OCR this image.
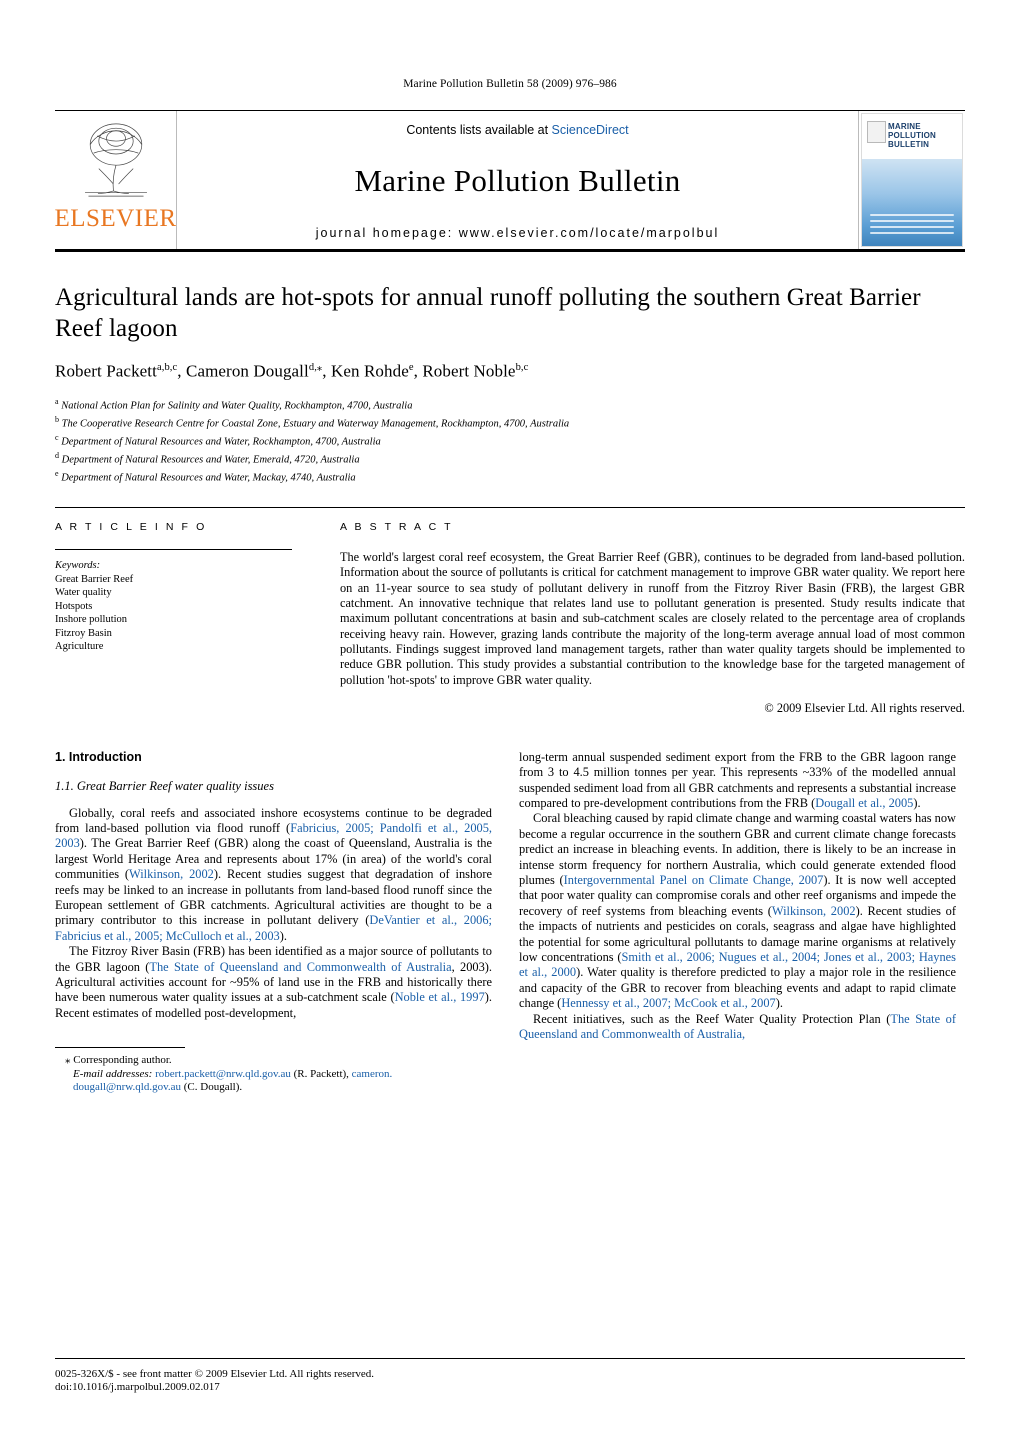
Marine Pollution Bulletin 58 (2009) 976–986
ELSEVIER
Contents lists available at ScienceDirect
Marine Pollution Bulletin
journal homepage: www.elsevier.com/locate/marpolbul
MARINE
POLLUTION
BULLETIN
Agricultural lands are hot-spots for annual runoff polluting the southern Great Barrier Reef lagoon
Robert Packett$^{a,b,c}$, Cameron Dougall$^{d,⁎}$, Ken Rohde$^e$, Robert Noble$^{b,c}$
$^a$ National Action Plan for Salinity and Water Quality, Rockhampton, 4700, Australia
$^b$ The Cooperative Research Centre for Coastal Zone, Estuary and Waterway Management, Rockhampton, 4700, Australia
$^c$ Department of Natural Resources and Water, Rockhampton, 4700, Australia
$^d$ Department of Natural Resources and Water, Emerald, 4720, Australia
$^e$ Department of Natural Resources and Water, Mackay, 4740, Australia
A R T I C L E I N F O
Keywords:
Great Barrier Reef
Water quality
Hotspots
Inshore pollution
Fitzroy Basin
Agriculture
A B S T R A C T
The world's largest coral reef ecosystem, the Great Barrier Reef (GBR), continues to be degraded from land-based pollution. Information about the source of pollutants is critical for catchment management to improve GBR water quality. We report here on an 11-year source to sea study of pollutant delivery in runoff from the Fitzroy River Basin (FRB), the largest GBR catchment. An innovative technique that relates land use to pollutant generation is presented. Study results indicate that maximum pollutant concentrations at basin and sub-catchment scales are closely related to the percentage area of croplands receiving heavy rain. However, grazing lands contribute the majority of the long-term average annual load of most common pollutants. Findings suggest improved land management targets, rather than water quality targets should be implemented to reduce GBR pollution. This study provides a substantial contribution to the knowledge base for the targeted management of pollution 'hot-spots' to improve GBR water quality.
© 2009 Elsevier Ltd. All rights reserved.
1. Introduction
1.1. Great Barrier Reef water quality issues

Globally, coral reefs and associated inshore ecosystems continue to be degraded from land-based pollution via flood runoff (Fabricius, 2005; Pandolfi et al., 2005, 2003). The Great Barrier Reef (GBR) along the coast of Queensland, Australia is the largest World Heritage Area and represents about 17% (in area) of the world's coral communities (Wilkinson, 2002). Recent studies suggest that degradation of inshore reefs may be linked to an increase in pollutants from land-based flood runoff since the European settlement of GBR catchments. Agricultural activities are thought to be a primary contributor to this increase in pollutant delivery (DeVantier et al., 2006; Fabricius et al., 2005; McCulloch et al., 2003).

The Fitzroy River Basin (FRB) has been identified as a major source of pollutants to the GBR lagoon (The State of Queensland and Commonwealth of Australia, 2003). Agricultural activities account for ~95% of land use in the FRB and historically there have been numerous water quality issues at a sub-catchment scale (Noble et al., 1997). Recent estimates of modelled post-development,

⁎ Corresponding author.
E-mail addresses: robert.packett@nrw.qld.gov.au (R. Packett), cameron.
dougall@nrw.qld.gov.au (C. Dougall).

long-term annual suspended sediment export from the FRB to the GBR lagoon range from 3 to 4.5 million tonnes per year. This represents ~33% of the modelled annual suspended sediment load from all GBR catchments and represents a substantial increase compared to pre-development contributions from the FRB (Dougall et al., 2005).

Coral bleaching caused by rapid climate change and warming coastal waters has now become a regular occurrence in the southern GBR and current climate change forecasts predict an increase in bleaching events. In addition, there is likely to be an increase in intense storm frequency for northern Australia, which could generate extended flood plumes (Intergovernmental Panel on Climate Change, 2007). It is now well accepted that poor water quality can compromise corals and other reef organisms and impede the recovery of reef systems from bleaching events (Wilkinson, 2002). Recent studies of the impacts of nutrients and pesticides on corals, seagrass and algae have highlighted the potential for some agricultural pollutants to damage marine organisms at relatively low concentrations (Smith et al., 2006; Nugues et al., 2004; Jones et al., 2003; Haynes et al., 2000). Water quality is therefore predicted to play a major role in the resilience and capacity of the GBR to recover from bleaching events and adapt to rapid climate change (Hennessy et al., 2007; McCook et al., 2007).

Recent initiatives, such as the Reef Water Quality Protection Plan (The State of Queensland and Commonwealth of Australia,

0025-326X/$ - see front matter © 2009 Elsevier Ltd. All rights reserved.
doi:10.1016/j.marpolbul.2009.02.017
